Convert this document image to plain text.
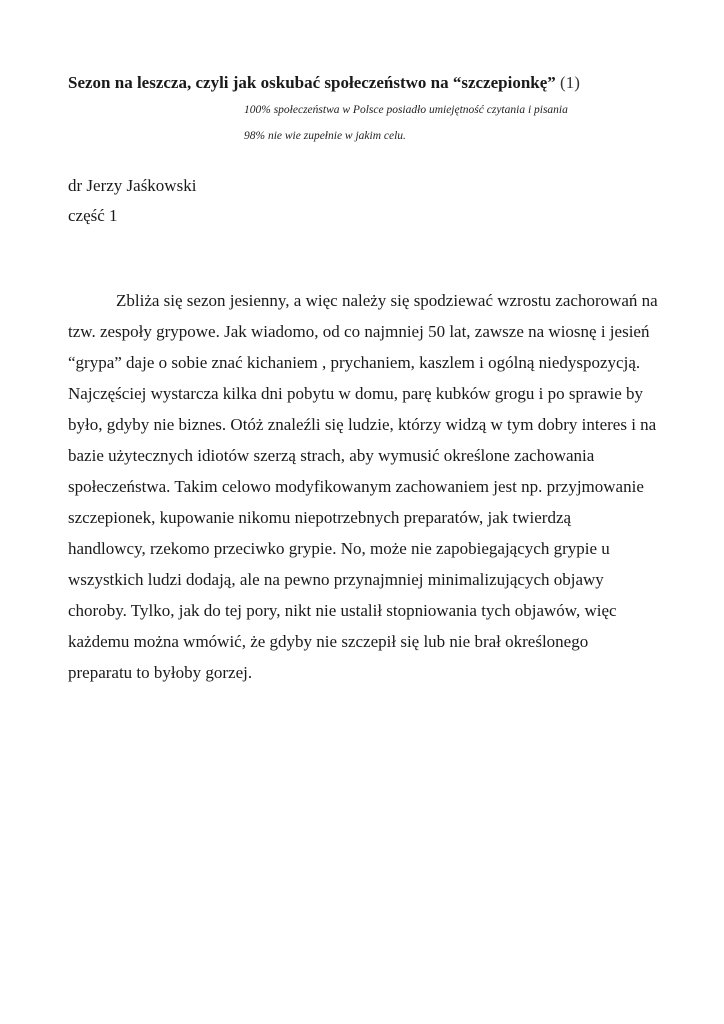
Sezon na leszcza, czyli jak oskubać społeczeństwo na “szczepionkę” (1)
100% społeczeństwa w Polsce posiadło umiejętność czytania i pisania
98% nie wie zupełnie w jakim celu.
dr Jerzy Jaśkowski
część 1
Zbliża się sezon jesienny, a więc należy się spodziewać wzrostu zachorowań na
tzw. zespoły grypowe. Jak wiadomo, od co najmniej 50 lat, zawsze na wiosnę i jesień
“grypa” daje o sobie znać kichaniem , prychaniem, kaszlem i ogólną niedyspozycją.
Najczęściej wystarcza kilka dni pobytu w domu, parę kubków grogu i po sprawie by
było, gdyby nie biznes. Otóż znaleźli się ludzie, którzy widzą w tym dobry interes i na
bazie użytecznych idiotów szerzą strach, aby wymusić określone zachowania
społeczeństwa. Takim celowo modyfikowanym zachowaniem jest np. przyjmowanie
szczepionek, kupowanie nikomu niepotrzebnych preparatów, jak twierdzą
handlowcy, rzekomo przeciwko grypie. No, może nie zapobiegających grypie u
wszystkich ludzi dodają, ale na pewno przynajmniej minimalizujących objawy
choroby. Tylko, jak do tej pory, nikt nie ustalił stopniowania tych objawów, więc
każdemu można wmówić, że gdyby nie szczepił się lub nie brał określonego
preparatu to byłoby gorzej.
